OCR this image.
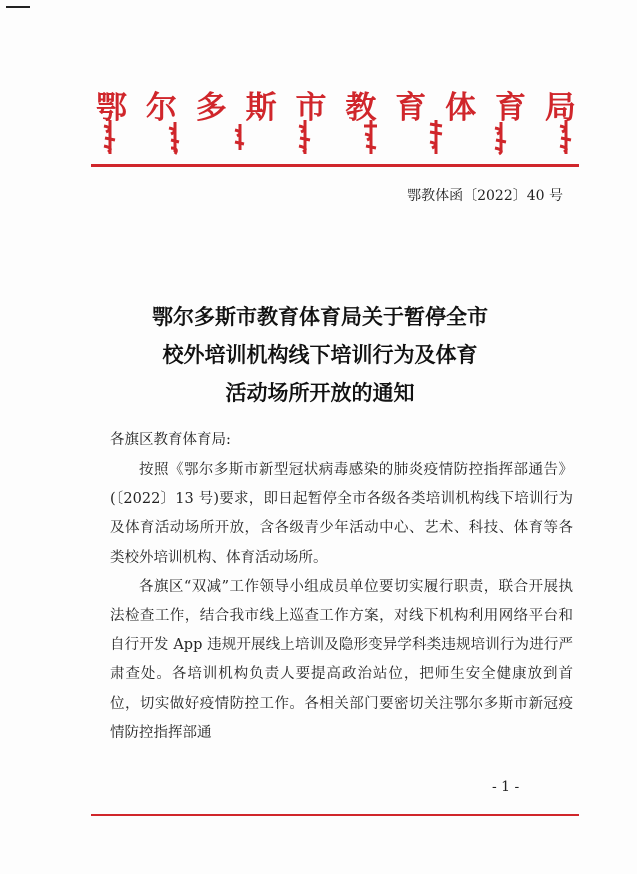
鄂 尔 多 斯 市 教 育 体 育 局
鄂教体函〔2022〕40 号
鄂尔多斯市教育体育局关于暂停全市
校外培训机构线下培训行为及体育
活动场所开放的通知
各旗区教育体育局:

按照《鄂尔多斯市新型冠状病毒感染的肺炎疫情防控指挥部通告》(〔2022〕13 号)要求，即日起暂停全市各级各类培训机构线下培训行为及体育活动场所开放，含各级青少年活动中心、艺术、科技、体育等各类校外培训机构、体育活动场所。

各旗区“双减”工作领导小组成员单位要切实履行职责，联合开展执法检查工作，结合我市线上巡查工作方案，对线下机构利用网络平台和自行开发 App 违规开展线上培训及隐形变异学科类违规培训行为进行严肃查处。各培训机构负责人要提高政治站位，把师生安全健康放到首位，切实做好疫情防控工作。各相关部门要密切关注鄂尔多斯市新冠疫情防控指挥部通

- 1 -
